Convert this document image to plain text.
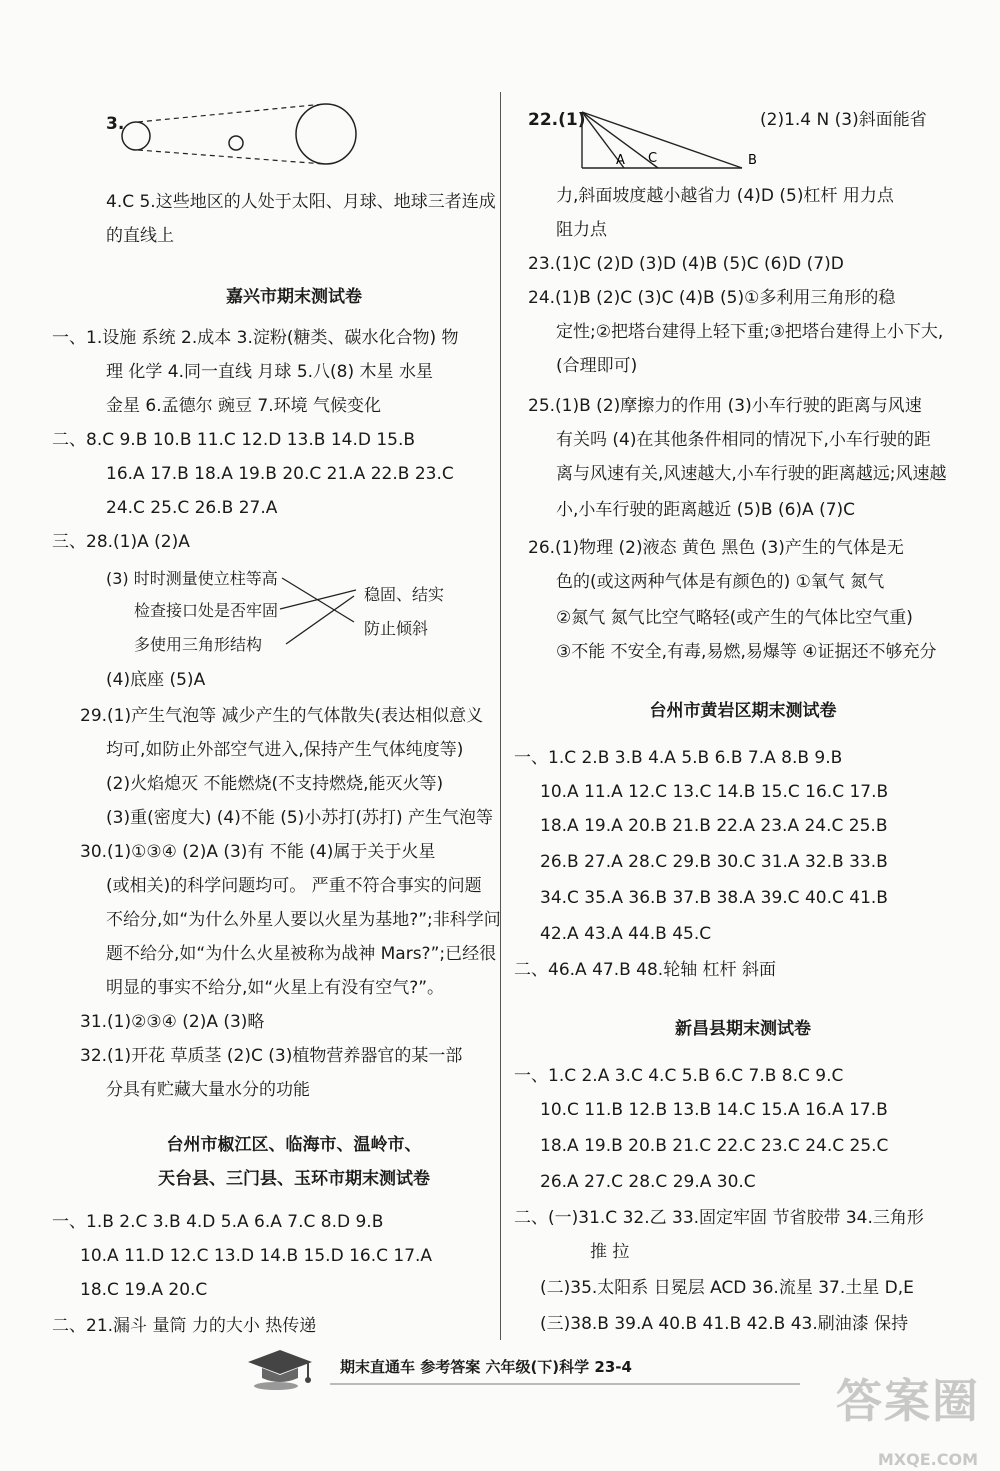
3.
4.C 5.这些地区的人处于太阳、月球、地球三者连成
的直线上
嘉兴市期末测试卷
一、1.设施 系统 2.成本 3.淀粉(糖类、碳水化合物) 物
理 化学 4.同一直线 月球 5.八(8) 木星 水星
金星 6.孟德尔 豌豆 7.环境 气候变化
二、8.C 9.B 10.B 11.C 12.D 13.B 14.D 15.B
16.A 17.B 18.A 19.B 20.C 21.A 22.B 23.C
24.C 25.C 26.B 27.A
三、28.(1)A (2)A
(3) 时时测量使立柱等高
检查接口处是否牢固
多使用三角形结构
稳固、结实
防止倾斜
(4)底座 (5)A
29.(1)产生气泡等 减少产生的气体散失(表达相似意义
均可,如防止外部空气进入,保持产生气体纯度等)
(2)火焰熄灭 不能燃烧(不支持燃烧,能灭火等)
(3)重(密度大) (4)不能 (5)小苏打(苏打) 产生气泡等
30.(1)①③④ (2)A (3)有 不能 (4)属于关于火星
(或相关)的科学问题均可。 严重不符合事实的问题
不给分,如“为什么外星人要以火星为基地?”;非科学问
题不给分,如“为什么火星被称为战神 Mars?”;已经很
明显的事实不给分,如“火星上有没有空气?”。
31.(1)②③④ (2)A (3)略
32.(1)开花 草质茎 (2)C (3)植物营养器官的某一部
分具有贮藏大量水分的功能
台州市椒江区、临海市、温岭市、
天台县、三门县、玉环市期末测试卷
一、1.B 2.C 3.B 4.D 5.A 6.A 7.C 8.D 9.B
10.A 11.D 12.C 13.D 14.B 15.D 16.C 17.A
18.C 19.A 20.C
二、21.漏斗 量筒 力的大小 热传递
22.(1)
A C	B
(2)1.4 N (3)斜面能省
力,斜面坡度越小越省力 (4)D (5)杠杆 用力点
阻力点
23.(1)C (2)D (3)D (4)B (5)C (6)D (7)D
24.(1)B (2)C (3)C (4)B (5)①多利用三角形的稳
定性;②把塔台建得上轻下重;③把塔台建得上小下大,
(合理即可)
25.(1)B (2)摩擦力的作用 (3)小车行驶的距离与风速
有关吗 (4)在其他条件相同的情况下,小车行驶的距
离与风速有关,风速越大,小车行驶的距离越远;风速越
小,小车行驶的距离越近 (5)B (6)A (7)C
26.(1)物理 (2)液态 黄色 黑色 (3)产生的气体是无
色的(或这两种气体是有颜色的) ①氧气 氮气
②氮气 氮气比空气略轻(或产生的气体比空气重)
③不能 不安全,有毒,易燃,易爆等 ④证据还不够充分
台州市黄岩区期末测试卷
一、1.C 2.B 3.B 4.A 5.B 6.B 7.A 8.B 9.B
10.A 11.A 12.C 13.C 14.B 15.C 16.C 17.B
18.A 19.A 20.B 21.B 22.A 23.A 24.C 25.B
26.B 27.A 28.C 29.B 30.C 31.A 32.B 33.B
34.C 35.A 36.B 37.B 38.A 39.C 40.C 41.B
42.A 43.A 44.B 45.C
二、46.A 47.B 48.轮轴 杠杆 斜面
新昌县期末测试卷
一、1.C 2.A 3.C 4.C 5.B 6.C 7.B 8.C 9.C
10.C 11.B 12.B 13.B 14.C 15.A 16.A 17.B
18.A 19.B 20.B 21.C 22.C 23.C 24.C 25.C
26.A 27.C 28.C 29.A 30.C
二、(一)31.C 32.乙 33.固定牢固 节省胶带 34.三角形
推 拉
(二)35.太阳系 日冕层 ACD 36.流星 37.土星 D,E
(三)38.B 39.A 40.B 41.B 42.B 43.刷油漆 保持
期末直通车 参考答案 六年级(下)科学 23-4
答案圈
MXQE.COM
